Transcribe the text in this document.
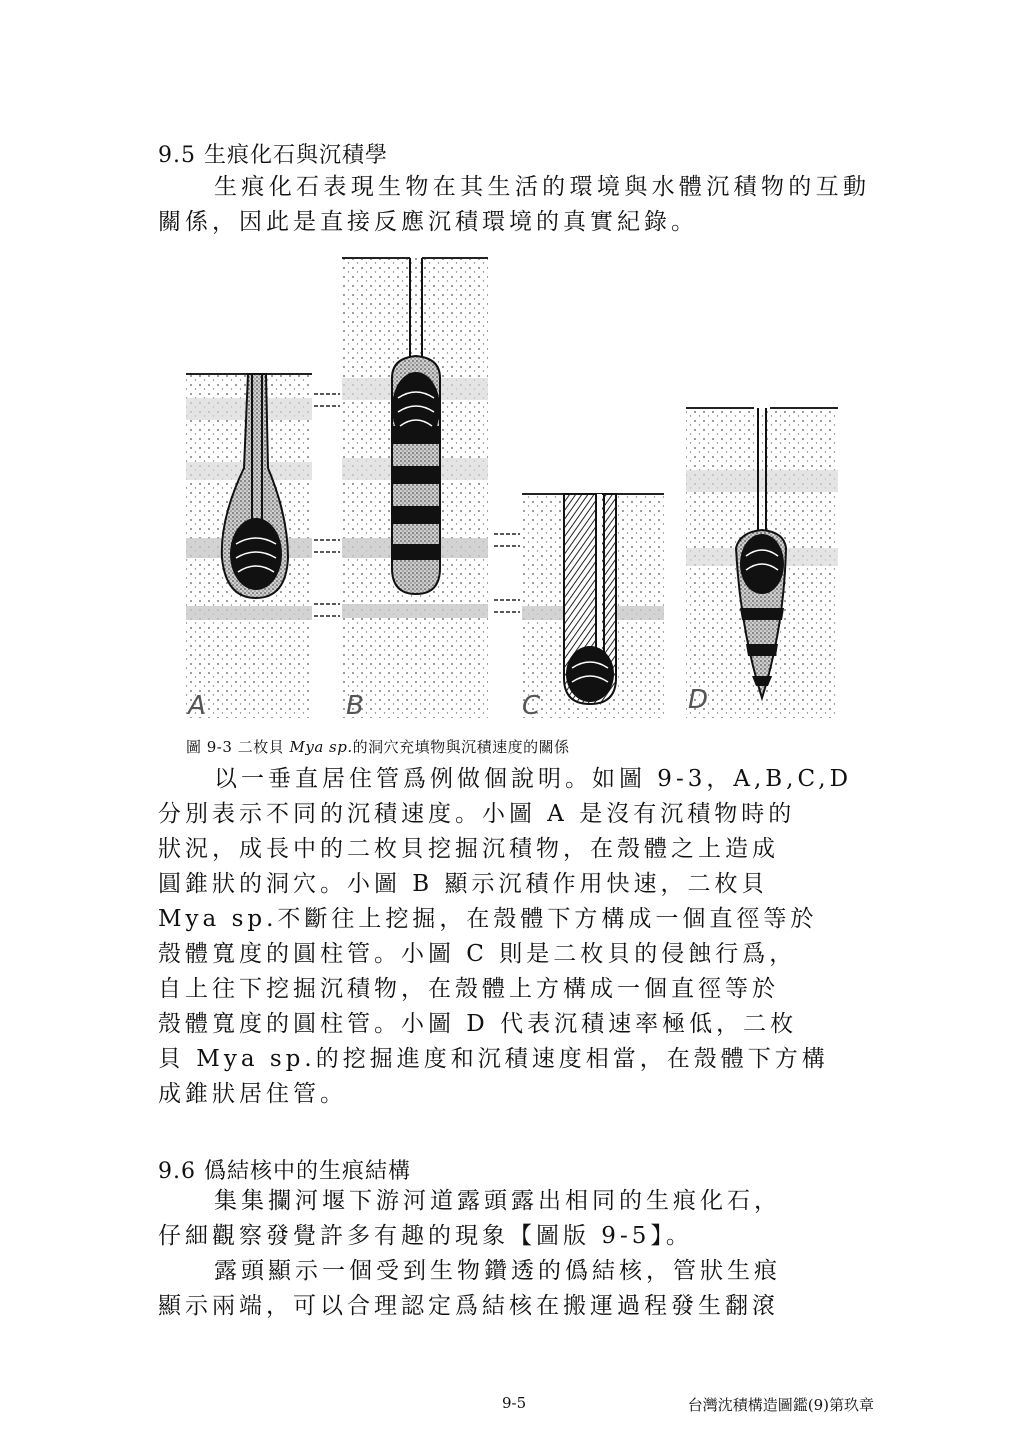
9.5 生痕化石與沉積學

生痕化石表現生物在其生活的環境與水體沉積物的互動關係，因此是直接反應沉積環境的真實紀錄。

A	B	C	D
圖 9-3 二枚貝 Mya sp.的洞穴充填物與沉積速度的關係

以一垂直居住管爲例做個說明。如圖 9-3，A,B,C,D

分別表示不同的沉積速度。小圖 A 是沒有沉積物時的

狀況，成長中的二枚貝挖掘沉積物，在殼體之上造成

圓錐狀的洞穴。小圖 B 顯示沉積作用快速，二枚貝

Mya sp.不斷往上挖掘，在殼體下方構成一個直徑等於

殼體寬度的圓柱管。小圖 C 則是二枚貝的侵蝕行爲，

自上往下挖掘沉積物，在殼體上方構成一個直徑等於

殼體寬度的圓柱管。小圖 D 代表沉積速率極低，二枚

貝 Mya sp.的挖掘進度和沉積速度相當，在殼體下方構

成錐狀居住管。

9.6 僞結核中的生痕結構

集集攔河堰下游河道露頭露出相同的生痕化石，

仔細觀察發覺許多有趣的現象【圖版 9-5】。

露頭顯示一個受到生物鑽透的僞結核，管狀生痕

顯示兩端，可以合理認定爲結核在搬運過程發生翻滾

9-5	台灣沈積構造圖鑑(9)第玖章
